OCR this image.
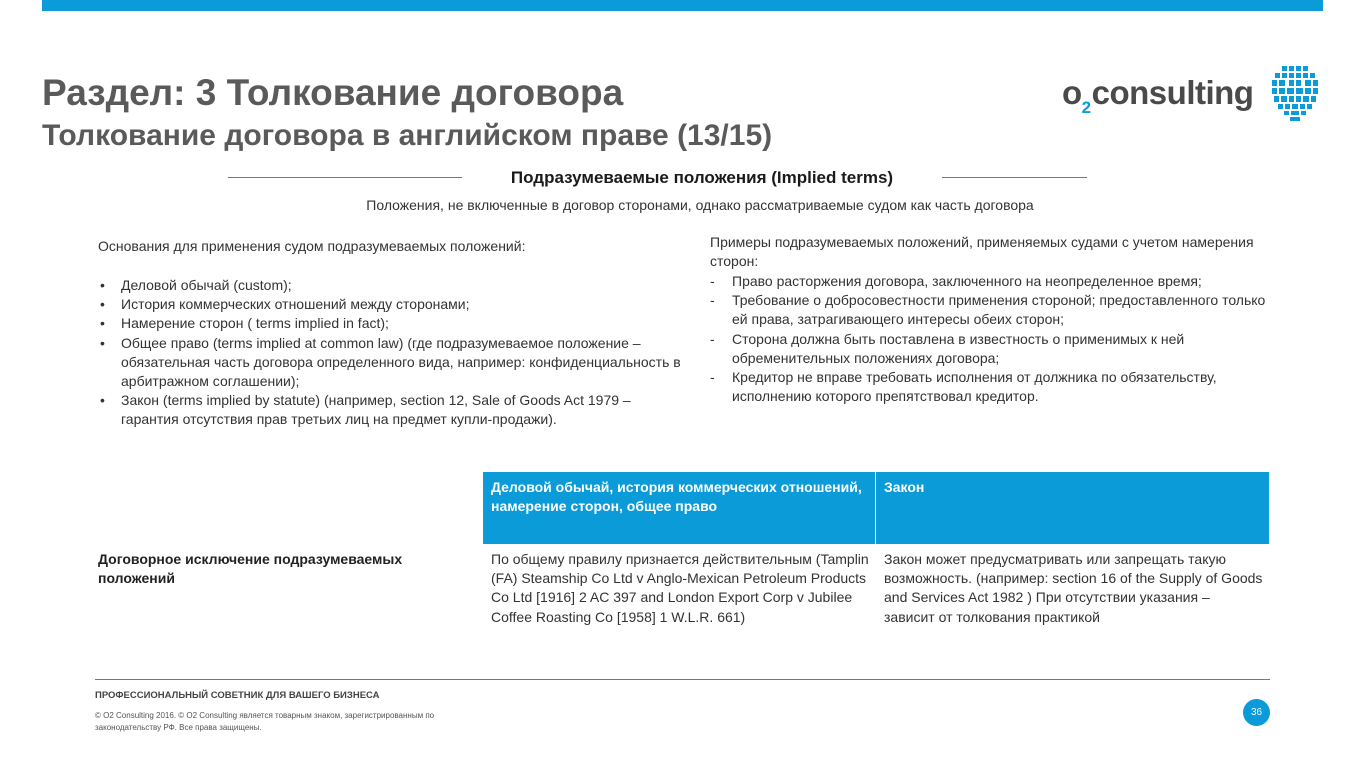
Раздел: 3 Толкование договора
Толкование договора в английском праве (13/15)
$o_2consulting$
Подразумеваемые положения (Implied terms)
Положения, не включенные в договор сторонами, однако рассматриваемые судом как часть договора
Основания для применения судом подразумеваемых положений:
• Деловой обычай (custom);
• История коммерческих отношений между сторонами;
• Намерение сторон ( terms implied in fact);
• Общее право (terms implied at common law) (где подразумеваемое положение – обязательная часть договора определенного вида, например: конфиденциальность в арбитражном соглашении);
• Закон (terms implied by statute) (например, section 12, Sale of Goods Act 1979 – гарантия отсутствия прав третьих лиц на предмет купли-продажи).
Примеры подразумеваемых положений, применяемых судами с учетом намерения сторон:
- Право расторжения договора, заключенного на неопределенное время;
- Требование о добросовестности применения стороной; предоставленного только ей права, затрагивающего интересы обеих сторон;
- Сторона должна быть поставлена в известность о применимых к ней обременительных положениях договора;
- Кредитор не вправе требовать исполнения от должника по обязательству, исполнению которого препятствовал кредитор.
Деловой обычай, история коммерческих отношений, намерение сторон, общее право
Закон
Договорное исключение подразумеваемых положений
По общему правилу признается действительным (Tamplin (FA) Steamship Co Ltd v Anglo-Mexican Petroleum Products Co Ltd [1916] 2 AC 397 and London Export Corp v Jubilee Coffee Roasting Co [1958] 1 W.L.R. 661)
Закон может предусматривать или запрещать такую возможность. (например: section 16 of the Supply of Goods and Services Act 1982 ) При отсутствии указания – зависит от толкования практикой
ПРОФЕССИОНАЛЬНЫЙ СОВЕТНИК ДЛЯ ВАШЕГО БИЗНЕСА
© O2 Consulting 2016. © O2 Consulting является товарным знаком, зарегистрированным по законодательству РФ. Все права защищены.
36
